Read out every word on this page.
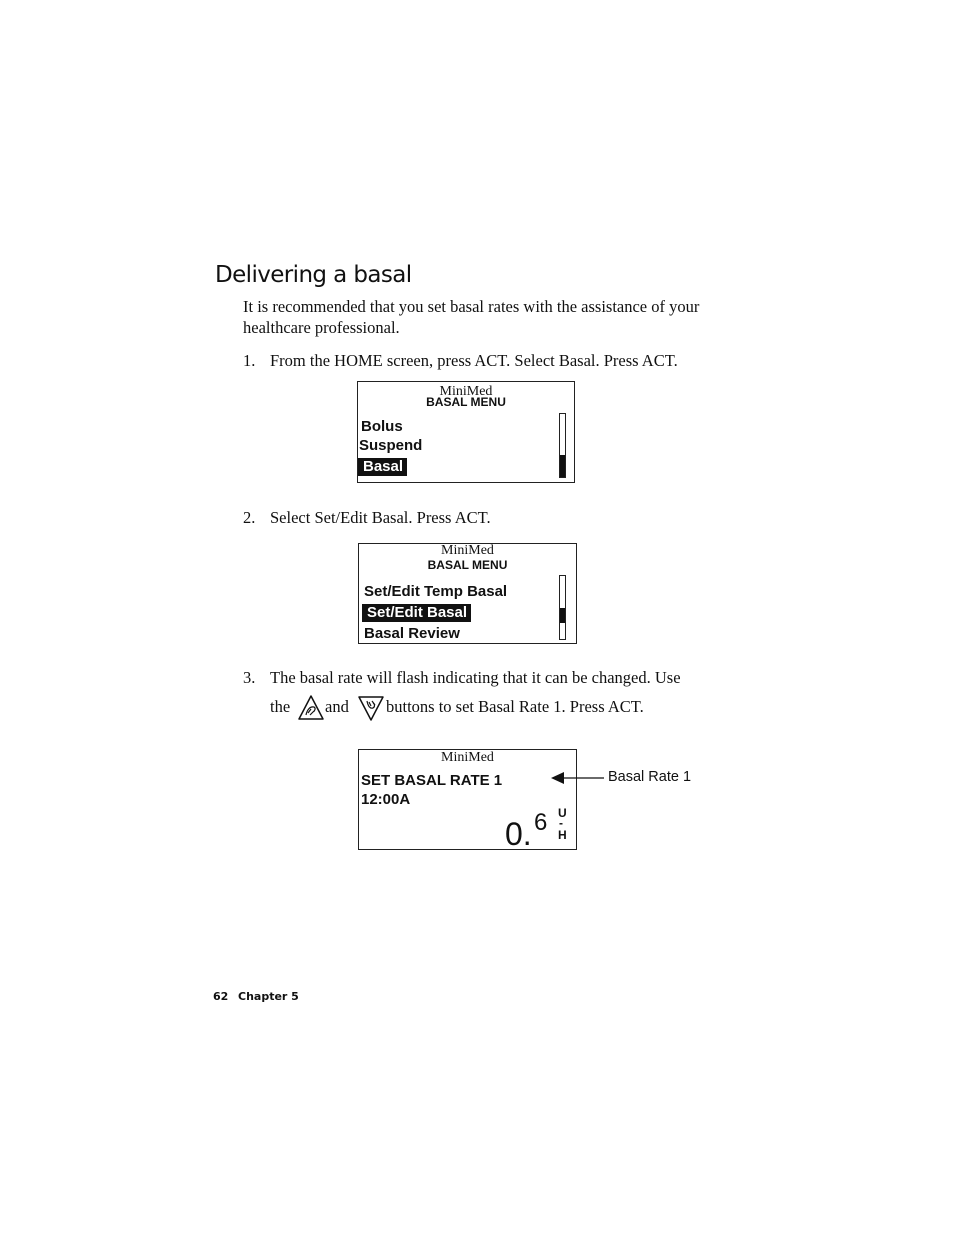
Delivering a basal
It is recommended that you set basal rates with the assistance of your healthcare professional.
1. From the HOME screen, press ACT. Select Basal. Press ACT.
MiniMed
BASAL MENU
Bolus
Suspend
Basal
2. Select Set/Edit Basal. Press ACT.
MiniMed
BASAL MENU
Set/Edit Temp Basal
Set/Edit Basal
Basal Review
3. The basal rate will flash indicating that it can be changed. Use
the and buttons to set Basal Rate 1. Press ACT.
MiniMed
SET BASAL RATE 1
12:00A
0. 6 U
-
H
Basal Rate 1
62 Chapter 5
